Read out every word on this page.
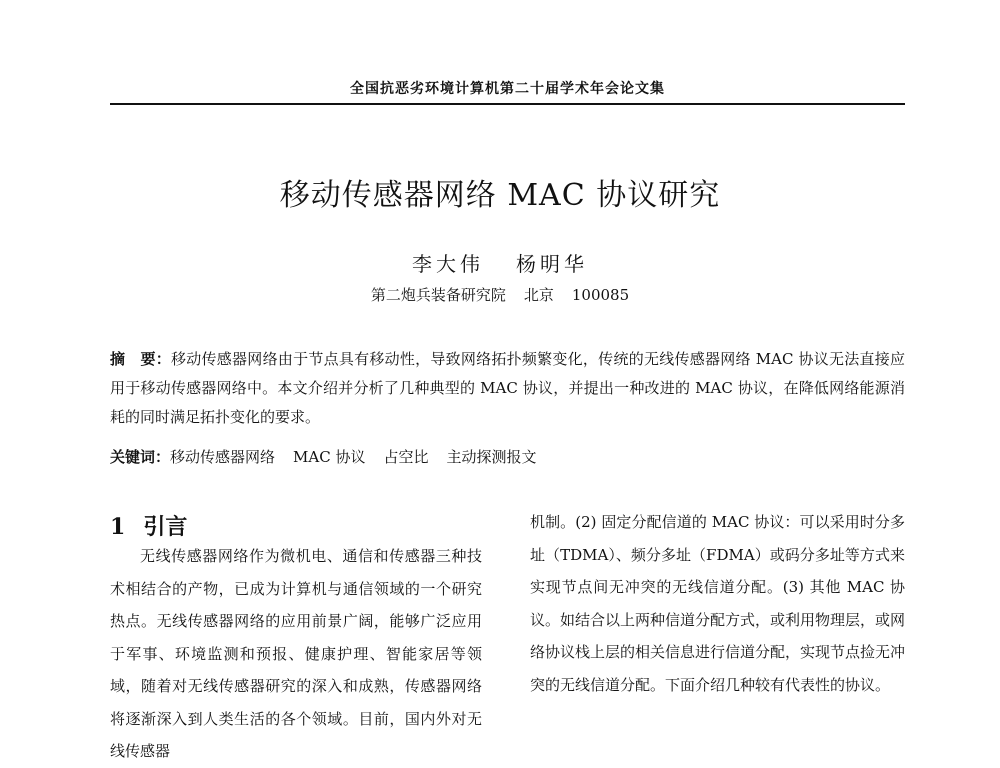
全国抗恶劣环境计算机第二十届学术年会论文集
移动传感器网络 MAC 协议研究
李大伟 杨明华
第二炮兵装备研究院 北京 100085
摘　要：移动传感器网络由于节点具有移动性，导致网络拓扑频繁变化，传统的无线传感器网络 MAC 协议无法直接应用于移动传感器网络中。本文介绍并分析了几种典型的 MAC 协议，并提出一种改进的 MAC 协议，在降低网络能源消耗的同时满足拓扑变化的要求。
关键词：移动传感器网络 MAC 协议 占空比 主动探测报文
1 引言
无线传感器网络作为微机电、通信和传感器三种技术相结合的产物，已成为计算机与通信领域的一个研究热点。无线传感器网络的应用前景广阔，能够广泛应用于军事、环境监测和预报、健康护理、智能家居等领域，随着对无线传感器研究的深入和成熟，传感器网络将逐渐深入到人类生活的各个领域。目前，国内外对无线传感器
机制。(2) 固定分配信道的 MAC 协议：可以采用时分多址（TDMA）、频分多址（FDMA）或码分多址等方式来实现节点间无冲突的无线信道分配。(3) 其他 MAC 协议。如结合以上两种信道分配方式，或利用物理层，或网络协议栈上层的相关信息进行信道分配，实现节点捡无冲突的无线信道分配。下面介绍几种较有代表性的协议。
